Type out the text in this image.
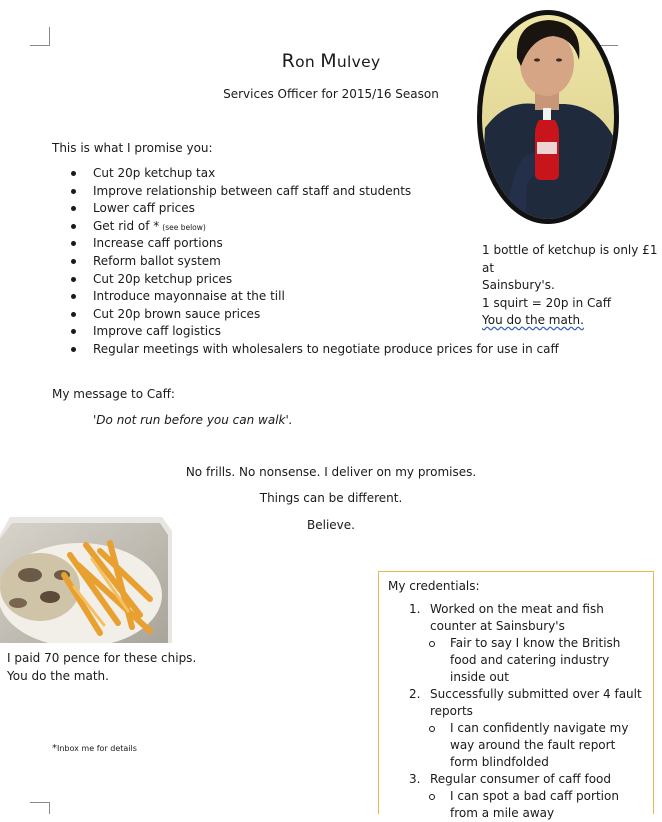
Ron Mulvey
Services Officer for 2015/16 Season
This is what I promise you:
Cut 20p ketchup tax
Improve relationship between caff staff and students
Lower caff prices
Get rid of * (see below)
Increase caff portions
Reform ballot system
Cut 20p ketchup prices
Introduce mayonnaise at the till
Cut 20p brown sauce prices
Improve caff logistics
Regular meetings with wholesalers to negotiate produce prices for use in caff
1 bottle of ketchup is only £1 at
Sainsbury's.
1 squirt = 20p in Caff
You do the math.
My message to Caff:
'Do not run before you can walk'.
No frills. No nonsense. I deliver on my promises.
Things can be different.
Believe.
I paid 70 pence for these chips.
You do the math.
*Inbox me for details
My credentials:
1. Worked on the meat and fish counter at Sainsbury's
Fair to say I know the British food and catering industry inside out
2. Successfully submitted over 4 fault reports
I can confidently navigate my way around the fault report form blindfolded
3. Regular consumer of caff food
I can spot a bad caff portion from a mile away
